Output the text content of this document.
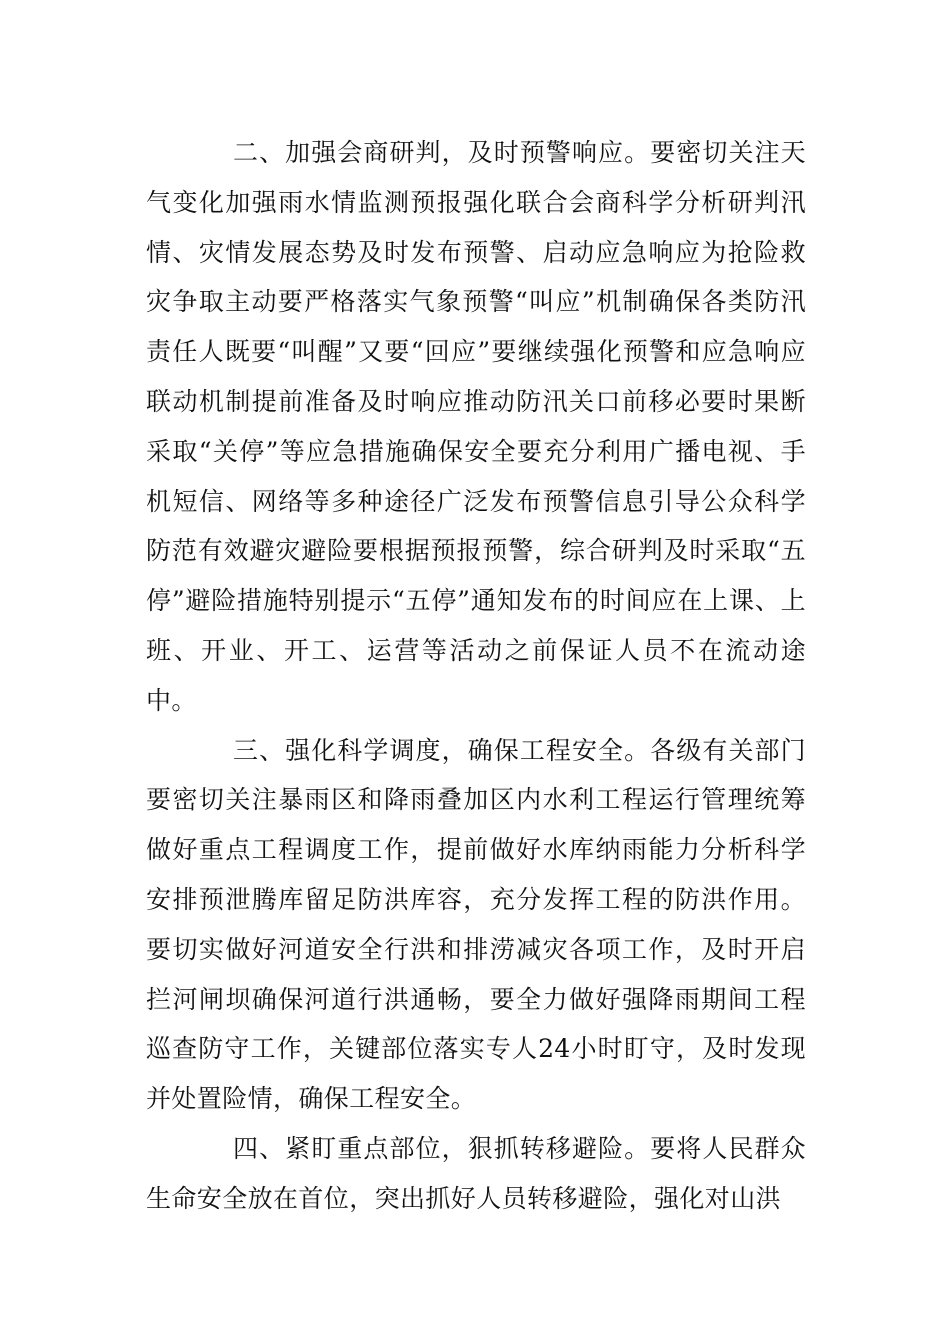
二、加强会商研判，及时预警响应。要密切关注天气变化加强雨水情监测预报强化联合会商科学分析研判汛情、灾情发展态势及时发布预警、启动应急响应为抢险救灾争取主动要严格落实气象预警“叫应”机制确保各类防汛责任人既要“叫醒”又要“回应”要继续强化预警和应急响应联动机制提前准备及时响应推动防汛关口前移必要时果断采取“关停”等应急措施确保安全要充分利用广播电视、手机短信、网络等多种途径广泛发布预警信息引导公众科学防范有效避灾避险要根据预报预警，综合研判及时采取“五停”避险措施特别提示“五停”通知发布的时间应在上课、上班、开业、开工、运营等活动之前保证人员不在流动途中。

三、强化科学调度，确保工程安全。各级有关部门要密切关注暴雨区和降雨叠加区内水利工程运行管理统筹做好重点工程调度工作，提前做好水库纳雨能力分析科学安排预泄腾库留足防洪库容，充分发挥工程的防洪作用。要切实做好河道安全行洪和排涝减灾各项工作，及时开启拦河闸坝确保河道行洪通畅，要全力做好强降雨期间工程巡查防守工作，关键部位落实专人24小时盯守，及时发现并处置险情，确保工程安全。

四、紧盯重点部位，狠抓转移避险。要将人民群众生命安全放在首位，突出抓好人员转移避险，强化对山洪
